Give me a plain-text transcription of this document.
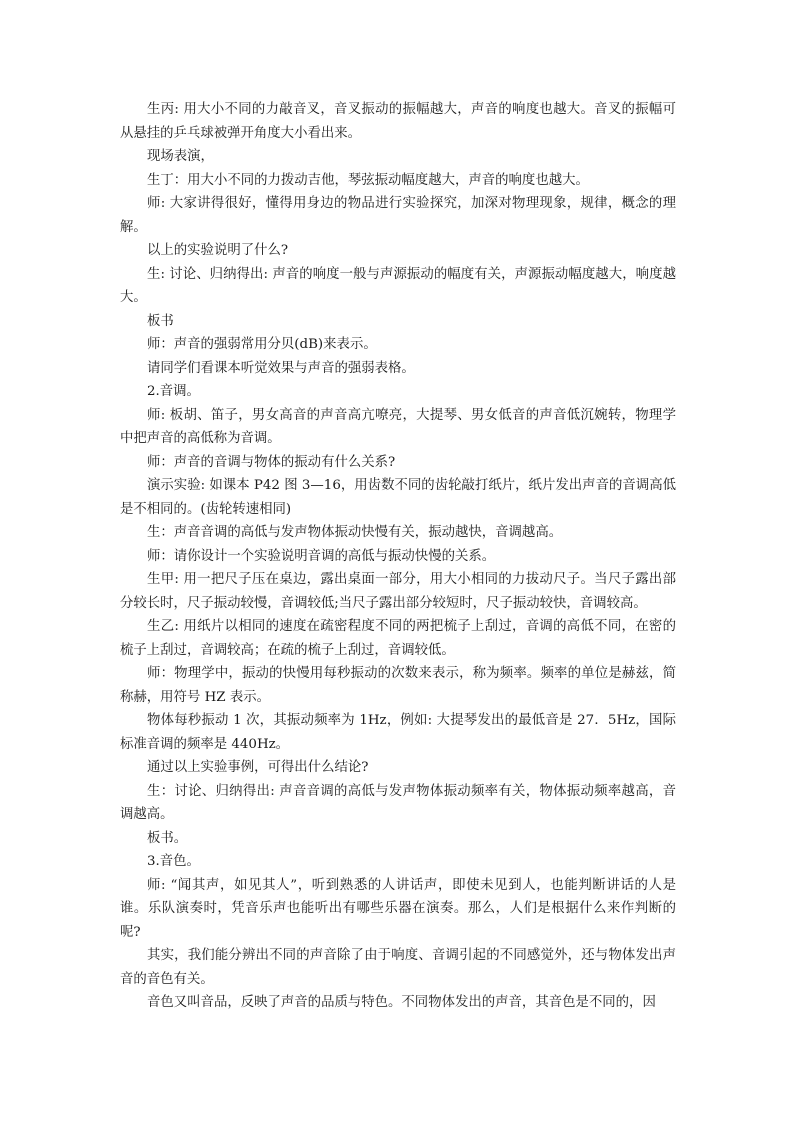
生丙: 用大小不同的力敲音叉，音叉振动的振幅越大，声音的响度也越大。音叉的振幅可从悬挂的乒乓球被弹开角度大小看出来。

现场表演，

生丁：用大小不同的力拨动吉他，琴弦振动幅度越大，声音的响度也越大。

师: 大家讲得很好，懂得用身边的物品进行实验探究，加深对物理现象，规律，概念的理解。

以上的实验说明了什么?

生: 讨论、归纳得出: 声音的响度一般与声源振动的幅度有关，声源振动幅度越大，响度越大。

板书

师：声音的强弱常用分贝(dB)来表示。

请同学们看课本听觉效果与声音的强弱表格。

2.音调。

师: 板胡、笛子，男女高音的声音高亢嘹亮，大提琴、男女低音的声音低沉婉转，物理学中把声音的高低称为音调。

师：声音的音调与物体的振动有什么关系?

演示实验: 如课本 P42 图 3—16，用齿数不同的齿轮敲打纸片，纸片发出声音的音调高低是不相同的。(齿轮转速相同)

生：声音音调的高低与发声物体振动快慢有关，振动越快，音调越高。

师：请你设计一个实验说明音调的高低与振动快慢的关系。

生甲: 用一把尺子压在桌边，露出桌面一部分，用大小相同的力拔动尺子。当尺子露出部分较长时，尺子振动较慢，音调较低;当尺子露出部分较短时，尺子振动较快，音调较高。

生乙: 用纸片以相同的速度在疏密程度不同的两把梳子上刮过，音调的高低不同，在密的梳子上刮过，音调较高；在疏的梳子上刮过，音调较低。

师：物理学中，振动的快慢用每秒振动的次数来表示，称为频率。频率的单位是赫兹，简称赫，用符号 HZ 表示。

物体每秒振动 1 次，其振动频率为 1Hz，例如: 大提琴发出的最低音是 27．5Hz，国际标准音调的频率是 440Hz。

通过以上实验事例，可得出什么结论?

生：讨论、归纳得出: 声音音调的高低与发声物体振动频率有关，物体振动频率越高，音调越高。

板书。

3.音色。

师: “闻其声，如见其人”，听到熟悉的人讲话声，即使未见到人，也能判断讲话的人是谁。乐队演奏时，凭音乐声也能听出有哪些乐器在演奏。那么，人们是根据什么来作判断的呢?

其实，我们能分辨出不同的声音除了由于响度、音调引起的不同感觉外，还与物体发出声音的音色有关。

音色又叫音品，反映了声音的品质与特色。不同物体发出的声音，其音色是不同的，因
